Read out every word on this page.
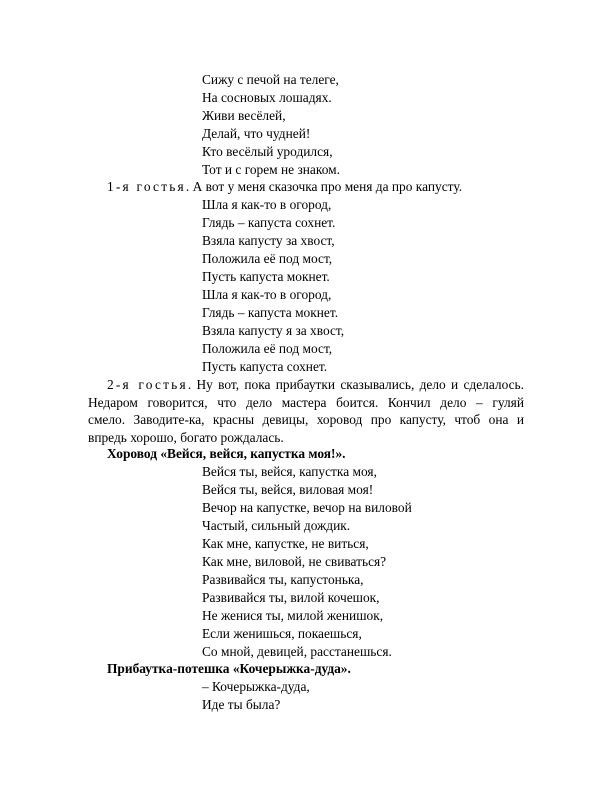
Сижу с печой на телеге,
На сосновых лошадях.
Живи весёлей,
Делай, что чудней!
Кто весёлый уродился,
Тот и с горем не знаком.
1-я гостья. А вот у меня сказочка про меня да про капусту.
Шла я как-то в огород,
Глядь – капуста сохнет.
Взяла капусту за хвост,
Положила её под мост,
Пусть капуста мокнет.
Шла я как-то в огород,
Глядь – капуста мокнет.
Взяла капусту я за хвост,
Положила её под мост,
Пусть капуста сохнет.
2-я гостья. Ну вот, пока прибаутки сказывались, дело и сделалось.
Недаром говорится, что дело мастера боится. Кончил дело – гуляй
смело. Заводите-ка, красны девицы, хоровод про капусту, чтоб она и
впредь хорошо, богато рождалась.
Хоровод «Вейся, вейся, капустка моя!».
Вейся ты, вейся, капустка моя,
Вейся ты, вейся, виловая моя!
Вечор на капустке, вечор на виловой
Частый, сильный дождик.
Как мне, капустке, не виться,
Как мне, виловой, не свиваться?
Развивайся ты, капустонька,
Развивайся ты, вилой кочешок,
Не женися ты, милой женишок,
Если женишься, покаешься,
Со мной, девицей, расстанешься.
Прибаутка-потешка «Кочерыжка-дуда».
– Кочерыжка-дуда,
Иде ты была?
